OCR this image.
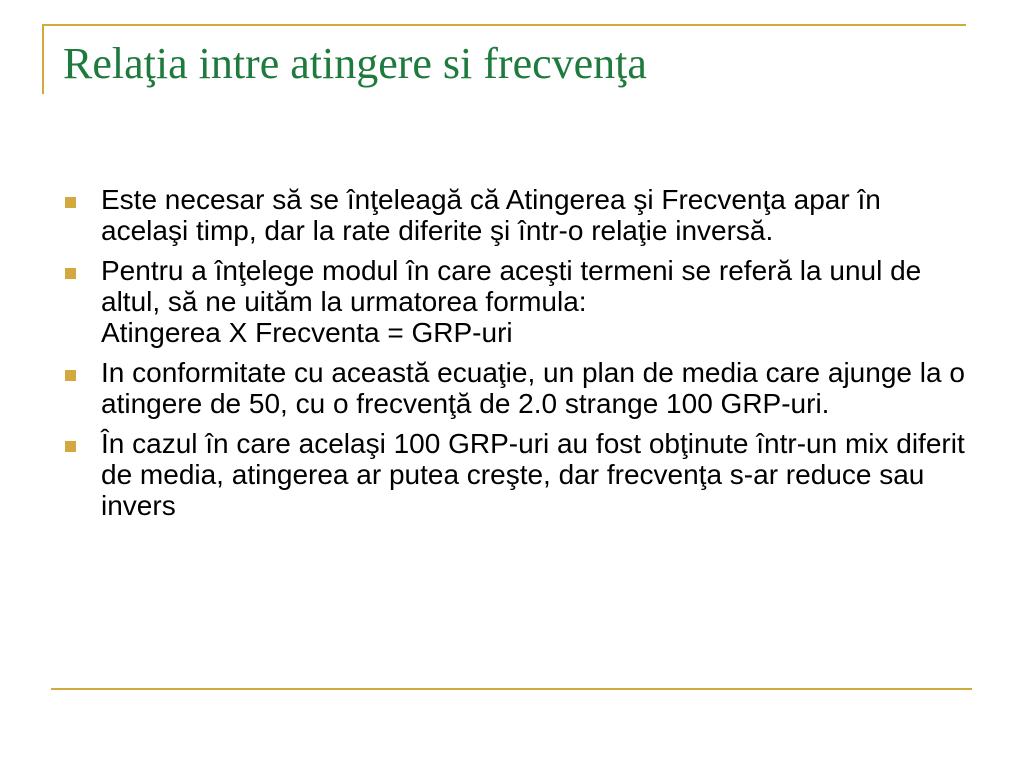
Relaţia intre atingere si frecvenţa
Este necesar să se înţeleagă că Atingerea şi Frecvenţa apar în acelaşi timp, dar la rate diferite şi într-o relaţie inversă.
Pentru a înţelege modul în care aceşti termeni se referă la unul de altul, să ne uităm la urmatorea formula:
Atingerea X Frecventa = GRP-uri
In conformitate cu această ecuaţie, un plan de media care ajunge la o atingere de 50, cu o frecvenţă de 2.0 strange 100 GRP-uri.
În cazul în care acelaşi 100 GRP-uri au fost obţinute într-un mix diferit de media, atingerea ar putea creşte, dar frecvenţa s-ar reduce sau invers
